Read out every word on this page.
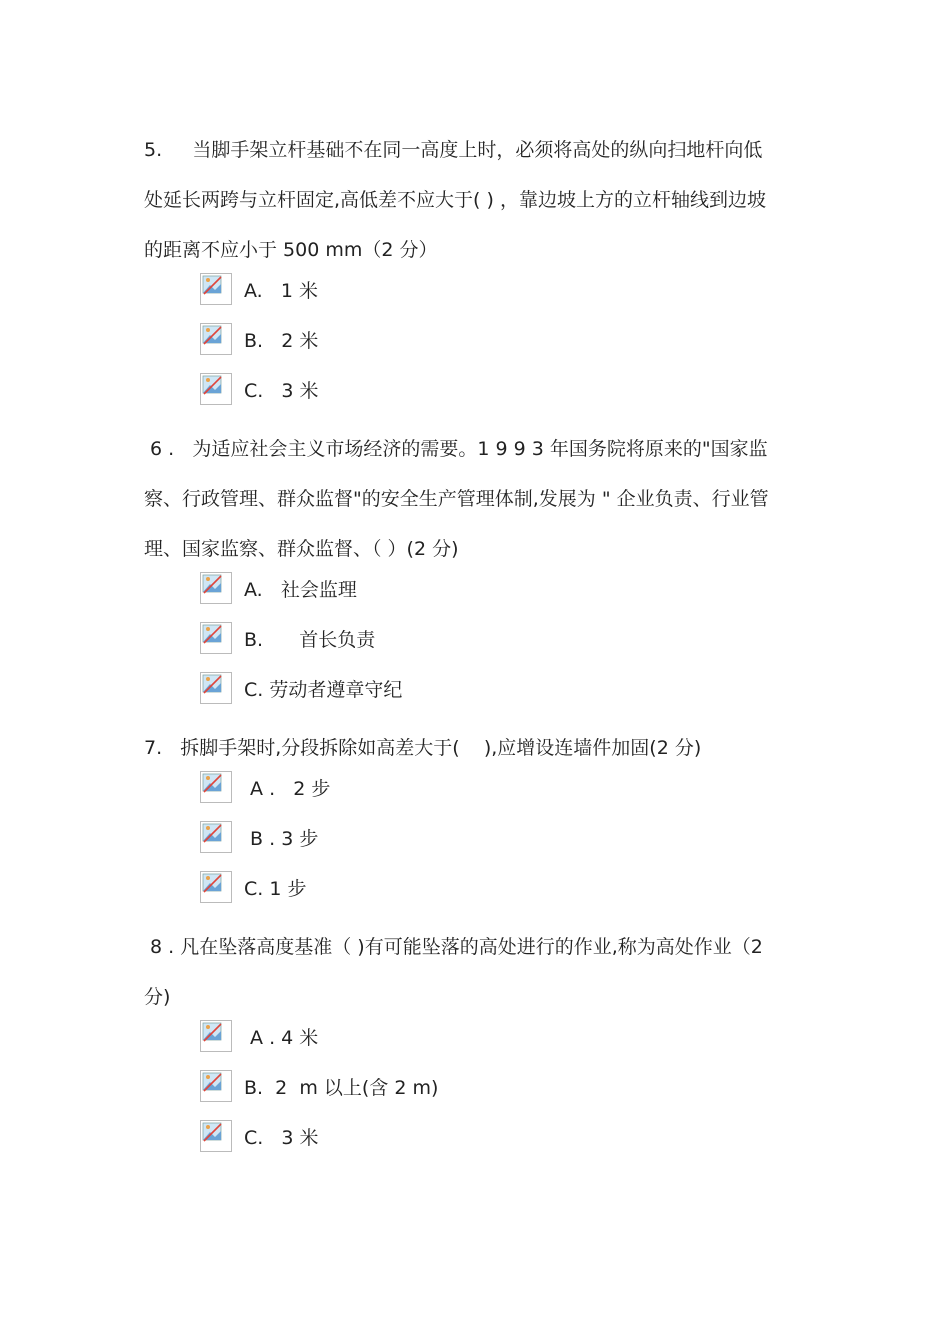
5.     当脚手架立杆基础不在同一高度上时，必须将高处的纵向扫地杆向低
处延长两跨与立杆固定,高低差不应大于( ) ，靠边坡上方的立杆轴线到边坡
的距离不应小于 500 mm（2 分）
A.   1 米
B.   2 米
C.   3 米
6 .   为适应社会主义市场经济的需要。1 9 9 3 年国务院将原来的"国家监
察、行政管理、群众监督"的安全生产管理体制,发展为 " 企业负责、行业管
理、国家监察、群众监督、（ ）(2 分)
A.   社会监理
B.      首长负责
C. 劳动者遵章守纪
7.   拆脚手架时,分段拆除如高差大于(    ),应增设连墙件加固(2 分)
A .   2 步
B . 3 步
C. 1 步
8 . 凡在坠落高度基准（ )有可能坠落的高处进行的作业,称为高处作业（2
分)
A . 4 米
B.  2  m 以上(含 2 m)
C.   3 米
